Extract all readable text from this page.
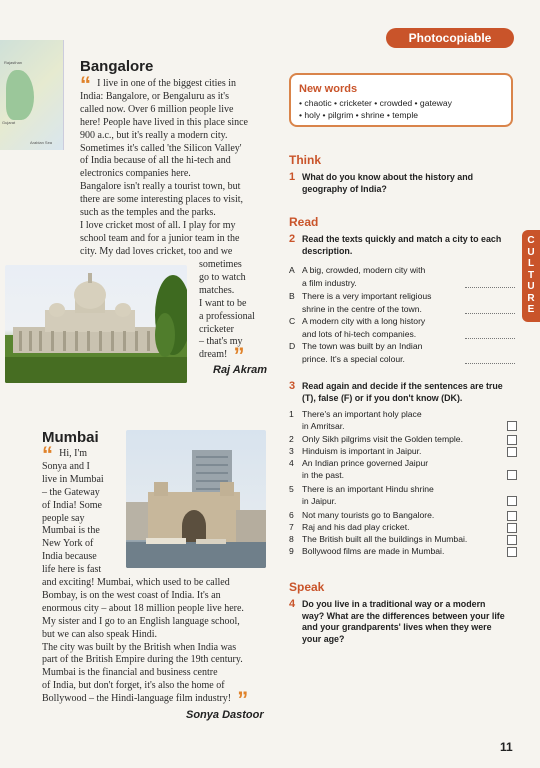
Rajasthan
Gujarat
Arabian Sea
Bangalore
“ I live in one of the biggest cities in
India: Bangalore, or Bengaluru as it's
called now. Over 6 million people live
here! People have lived in this place since
900 a.c., but it's really a modern city.
Sometimes it's called 'the Silicon Valley'
of India because of all the hi-tech and
electronics companies here.
Bangalore isn't really a tourist town, but
there are some interesting places to visit,
such as the temples and the parks.
I love cricket most of all. I play for my
school team and for a junior team in the
city. My dad loves cricket, too and we
sometimes
go to watch
matches.
I want to be
a professional
cricketer
– that's my
dream! ”
Raj Akram
Mumbai
“ Hi, I'm
Sonya and I
live in Mumbai
– the Gateway
of India! Some
people say
Mumbai is the
New York of
India because
life here is fast
and exciting! Mumbai, which used to be called
Bombay, is on the west coast of India. It's an
enormous city – about 18 million people live here.
My sister and I go to an English language school,
but we can also speak Hindi.
The city was built by the British when India was
part of the British Empire during the 19th century.
Mumbai is the financial and business centre
of India, but don't forget, it's also the home of
Bollywood – the Hindi-language film industry! ”
Sonya Dastoor
Photocopiable
New words

• chaotic • cricketer • crowded • gateway

• holy • pilgrim • shrine • temple

Think
1 What do you know about the history and geography of India?
Read
2 Read the texts quickly and match a city to each description.
A A big, crowded, modern city with
a film industry.
B There is a very important religious
shrine in the centre of the town.
C A modern city with a long history
and lots of hi-tech companies.
D The town was built by an Indian
prince. It's a special colour.
3 Read again and decide if the sentences are true (T), false (F) or if you don't know (DK).
1 There's an important holy place
in Amritsar.
2 Only Sikh pilgrims visit the Golden temple.
3 Hinduism is important in Jaipur.
4 An Indian prince governed Jaipur
in the past.
5 There is an important Hindu shrine
in Jaipur.
6 Not many tourists go to Bangalore.
7 Raj and his dad play cricket.
8 The British built all the buildings in Mumbai.
9 Bollywood films are made in Mumbai.
Speak
4 Do you live in a traditional way or a modern way? What are the differences between your life and your grandparents' lives when they were your age?
C
U
L
T
U
R
E
11
